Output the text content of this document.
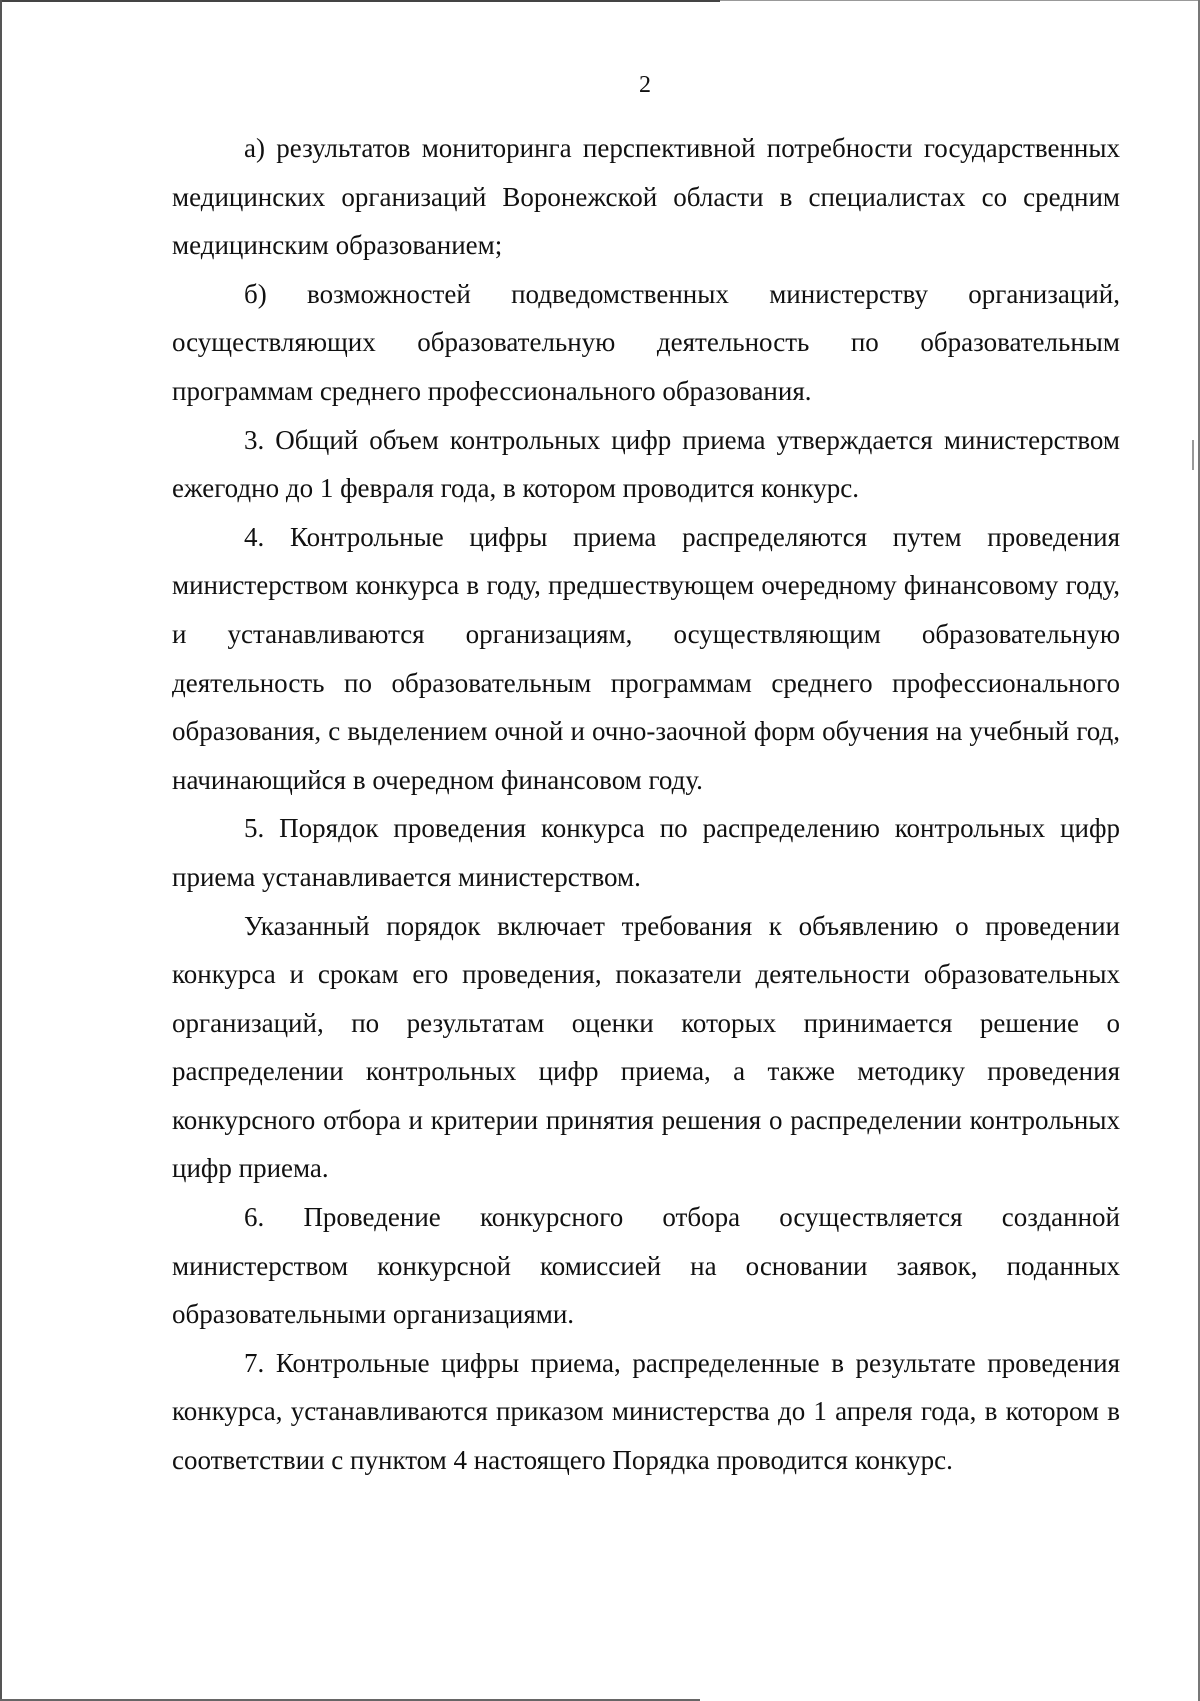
2

а) результатов мониторинга перспективной потребности государственных медицинских организаций Воронежской области в специалистах со средним медицинским образованием;

б) возможностей подведомственных министерству организаций, осуществляющих образовательную деятельность по образовательным программам среднего профессионального образования.

3. Общий объем контрольных цифр приема утверждается министерством ежегодно до 1 февраля года, в котором проводится конкурс.

4. Контрольные цифры приема распределяются путем проведения министерством конкурса в году, предшествующем очередному финансовому году, и устанавливаются организациям, осуществляющим образовательную деятельность по образовательным программам среднего профессионального образования, с выделением очной и очно-заочной форм обучения на учебный год, начинающийся в очередном финансовом году.

5. Порядок проведения конкурса по распределению контрольных цифр приема устанавливается министерством.

Указанный порядок включает требования к объявлению о проведении конкурса и срокам его проведения, показатели деятельности образовательных организаций, по результатам оценки которых принимается решение о распределении контрольных цифр приема, а также методику проведения конкурсного отбора и критерии принятия решения о распределении контрольных цифр приема.

6. Проведение конкурсного отбора осуществляется созданной министерством конкурсной комиссией на основании заявок, поданных образовательными организациями.

7. Контрольные цифры приема, распределенные в результате проведения конкурса, устанавливаются приказом министерства до 1 апреля года, в котором в соответствии с пунктом 4 настоящего Порядка проводится конкурс.
